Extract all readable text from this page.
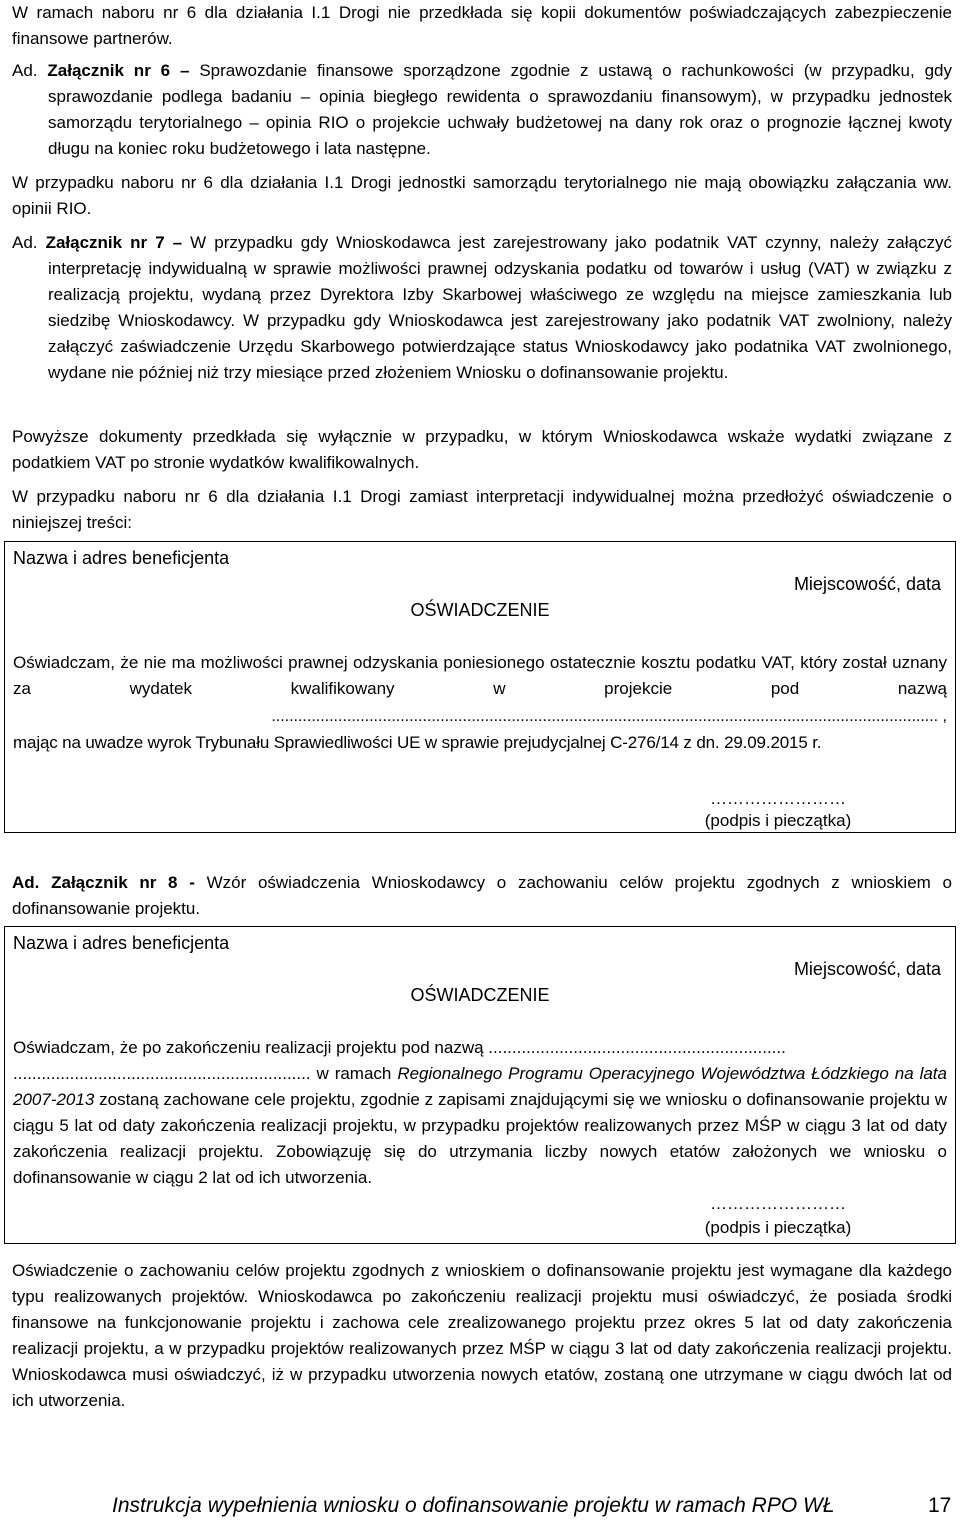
W ramach naboru nr 6 dla działania I.1 Drogi nie przedkłada się kopii dokumentów poświadczających zabezpieczenie finansowe partnerów.

Ad. Załącznik nr 6 – Sprawozdanie finansowe sporządzone zgodnie z ustawą o rachunkowości (w przypadku, gdy sprawozdanie podlega badaniu – opinia biegłego rewidenta o sprawozdaniu finansowym), w przypadku jednostek samorządu terytorialnego – opinia RIO o projekcie uchwały budżetowej na dany rok oraz o prognozie łącznej kwoty długu na koniec roku budżetowego i lata następne.

W przypadku naboru nr 6 dla działania I.1 Drogi jednostki samorządu terytorialnego nie mają obowiązku załączania ww. opinii RIO.

Ad. Załącznik nr 7 – W przypadku gdy Wnioskodawca jest zarejestrowany jako podatnik VAT czynny, należy załączyć interpretację indywidualną w sprawie możliwości prawnej odzyskania podatku od towarów i usług (VAT) w związku z realizacją projektu, wydaną przez Dyrektora Izby Skarbowej właściwego ze względu na miejsce zamieszkania lub siedzibę Wnioskodawcy. W przypadku gdy Wnioskodawca jest zarejestrowany jako podatnik VAT zwolniony, należy załączyć zaświadczenie Urzędu Skarbowego potwierdzające status Wnioskodawcy jako podatnika VAT zwolnionego, wydane nie później niż trzy miesiące przed złożeniem Wniosku o dofinansowanie projektu.

Powyższe dokumenty przedkłada się wyłącznie w przypadku, w którym Wnioskodawca wskaże wydatki związane z podatkiem VAT po stronie wydatków kwalifikowalnych.

W przypadku naboru nr 6 dla działania I.1 Drogi zamiast interpretacji indywidualnej można przedłożyć oświadczenie o niniejszej treści:

Nazwa i adres beneficjenta
Miejscowość, data
OŚWIADCZENIE

Oświadczam, że nie ma możliwości prawnej odzyskania poniesionego ostatecznie kosztu podatku VAT, który został uznany za wydatek kwalifikowany w projekcie pod nazwą

...................................................................................................................................................... ,

mając na uwadze wyrok Trybunału Sprawiedliwości UE w sprawie prejudycjalnej C-276/14 z dn. 29.09.2015 r.

……………………
(podpis i pieczątka)

Ad. Załącznik nr 8 - Wzór oświadczenia Wnioskodawcy o zachowaniu celów projektu zgodnych z wnioskiem o dofinansowanie projektu.

Nazwa i adres beneficjenta
Miejscowość, data
OŚWIADCZENIE

Oświadczam, że po zakończeniu realizacji projektu pod nazwą ...............................................................

............................................................... w ramach Regionalnego Programu Operacyjnego Województwa Łódzkiego na lata 2007-2013 zostaną zachowane cele projektu, zgodnie z zapisami znajdującymi się we wniosku o dofinansowanie projektu w ciągu 5 lat od daty zakończenia realizacji projektu, w przypadku projektów realizowanych przez MŚP w ciągu 3 lat od daty zakończenia realizacji projektu. Zobowiązuję się do utrzymania liczby nowych etatów założonych we wniosku o dofinansowanie w ciągu 2 lat od ich utworzenia.

……………………
(podpis i pieczątka)

Oświadczenie o zachowaniu celów projektu zgodnych z wnioskiem o dofinansowanie projektu jest wymagane dla każdego typu realizowanych projektów. Wnioskodawca po zakończeniu realizacji projektu musi oświadczyć, że posiada środki finansowe na funkcjonowanie projektu i zachowa cele zrealizowanego projektu przez okres 5 lat od daty zakończenia realizacji projektu, a w przypadku projektów realizowanych przez MŚP w ciągu 3 lat od daty zakończenia realizacji projektu. Wnioskodawca musi oświadczyć, iż w przypadku utworzenia nowych etatów, zostaną one utrzymane w ciągu dwóch lat od ich utworzenia.

Instrukcja wypełnienia wniosku o dofinansowanie projektu w ramach RPO WŁ	17
